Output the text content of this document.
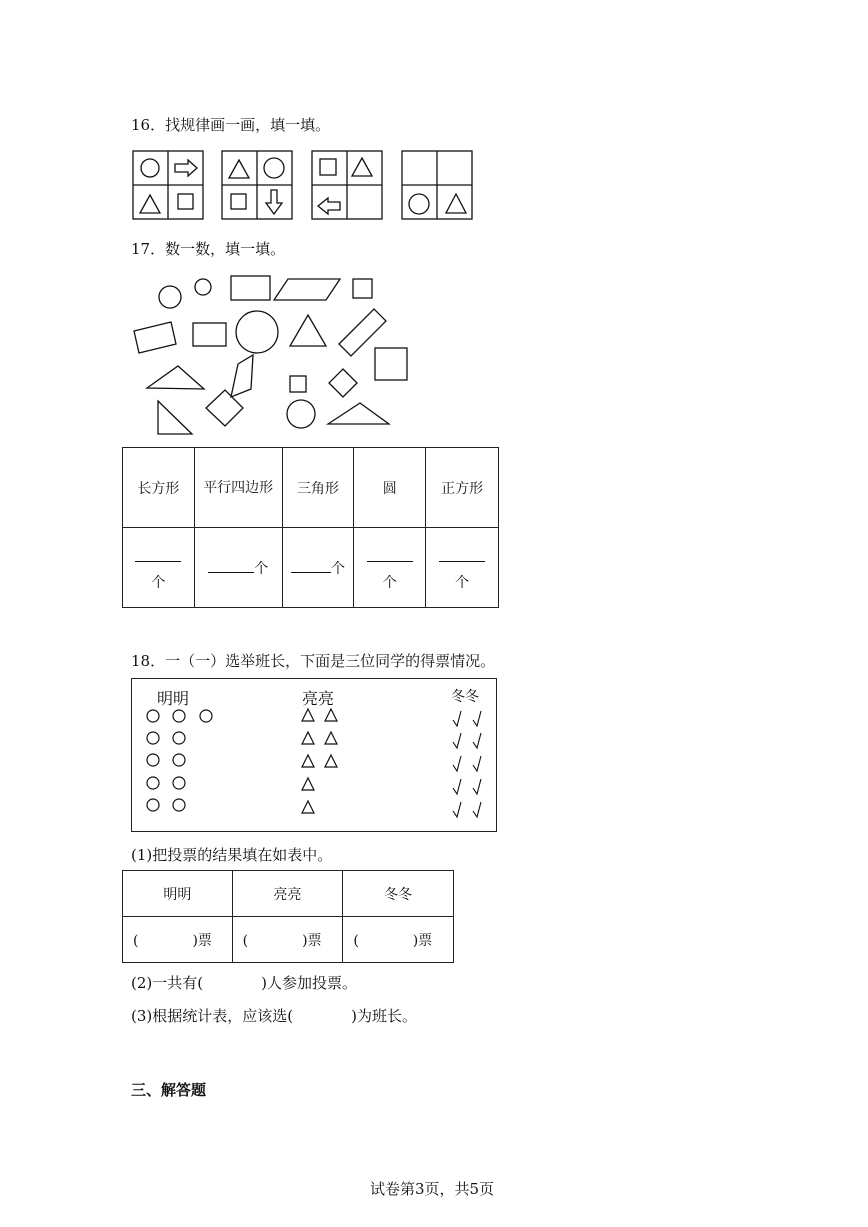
16．找规律画一画，填一填。
17．数一数，填一填。
长方形	平行四边形	三角形	圆	正方形

个	个	个	个	个
18．一（一）选举班长，下面是三位同学的得票情况。
明明	亮亮	冬冬
(1)把投票的结果填在如表中。
明明	亮亮	冬冬
( )票	( )票	( )票
(2)一共有(	)人参加投票。
(3)根据统计表，应该选(	)为班长。
三、解答题
试卷第3页，共5页
